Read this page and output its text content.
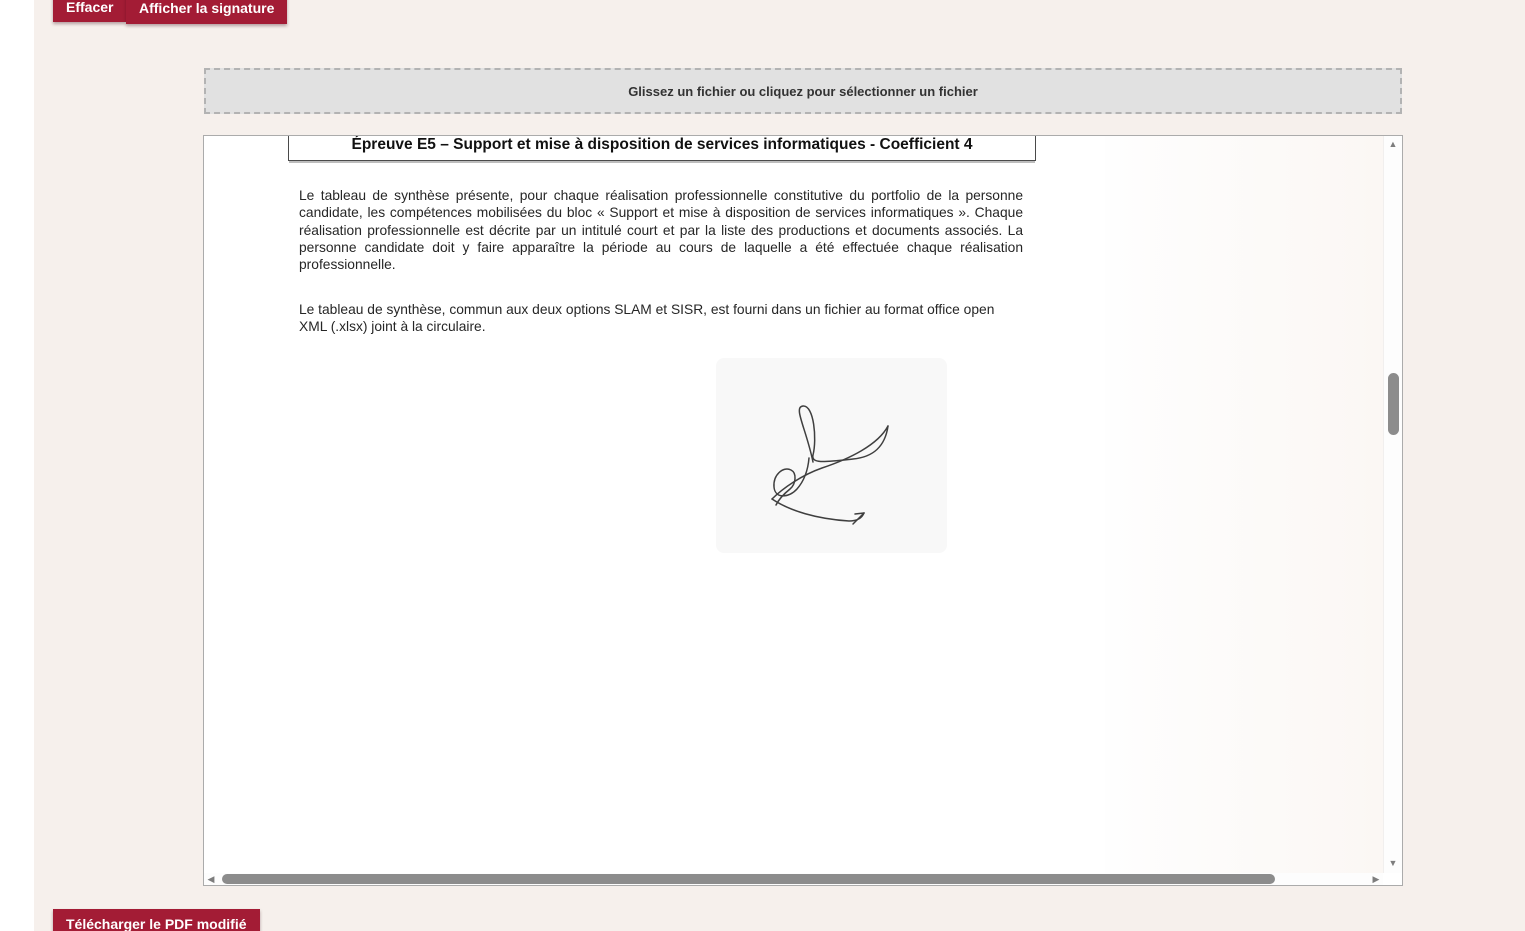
Effacer	Afficher la signature
Glissez un fichier ou cliquez pour sélectionner un fichier
Épreuve E5 – Support et mise à disposition de services informatiques - Coefficient 4

Le tableau de synthèse présente, pour chaque réalisation professionnelle constitutive du portfolio de la personne candidate, les compétences mobilisées du bloc « Support et mise à disposition de services informatiques ». Chaque réalisation professionnelle est décrite par un intitulé court et par la liste des productions et documents associés. La personne candidate doit y faire apparaître la période au cours de laquelle a été effectuée chaque réalisation professionnelle.

Le tableau de synthèse, commun aux deux options SLAM et SISR, est fourni dans un fichier au format office open XML (.xlsx) joint à la circulaire.

▲
▼
◀	▶
Télécharger le PDF modifié
